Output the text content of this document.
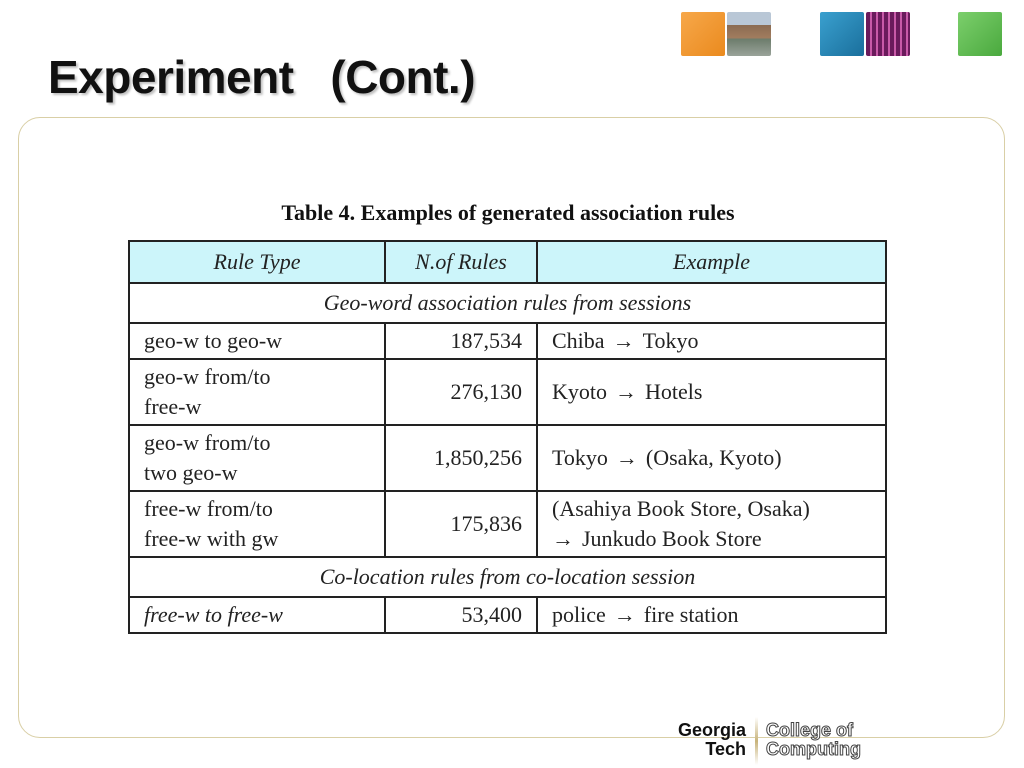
Experiment   (Cont.)
Table 4. Examples of generated association rules
Rule Type	N.of Rules	Example
Geo-word association rules from sessions		
geo-w to geo-w	187,534	Chiba → Tokyo
geo-w from/to
free-w	276,130	Kyoto → Hotels
geo-w from/to
two geo-w	1,850,256	Tokyo → (Osaka, Kyoto)
free-w from/to
free-w with gw	175,836	(Asahiya Book Store, Osaka)
→ Junkudo Book Store
Co-location rules from co-location session		
free-w to free-w	53,400	police → fire station
Georgia
Tech
College of
Computing
